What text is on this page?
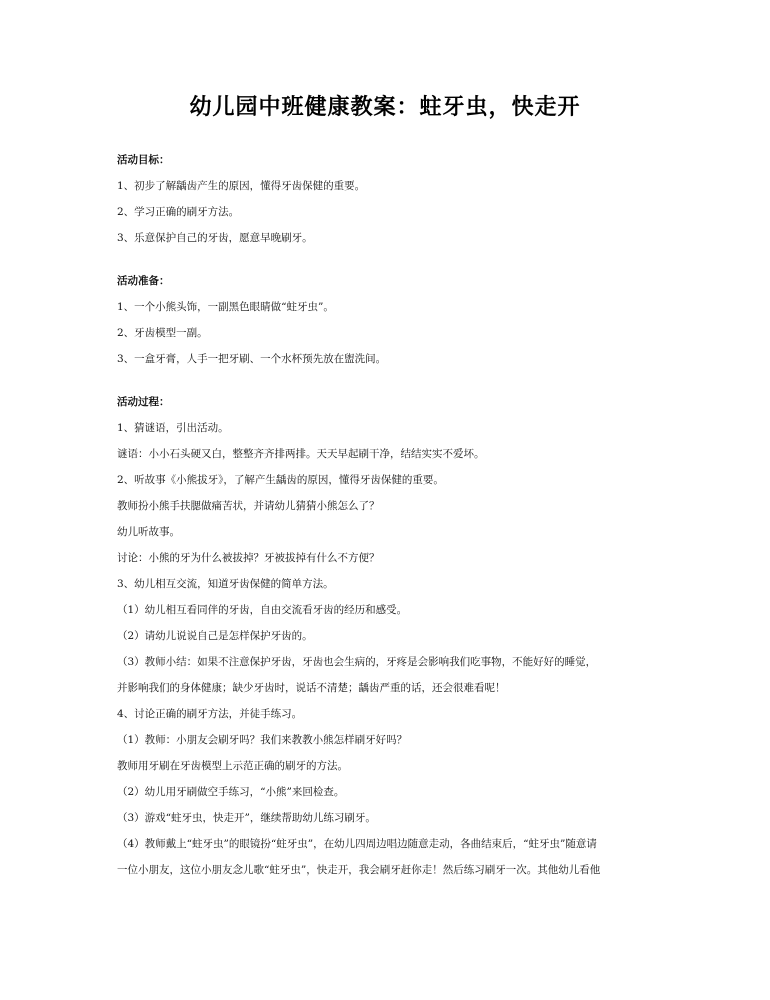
幼儿园中班健康教案：蛀牙虫，快走开

活动目标：

1、初步了解龋齿产生的原因，懂得牙齿保健的重要。

2、学习正确的刷牙方法。

3、乐意保护自己的牙齿，愿意早晚刷牙。

活动准备：

1、一个小熊头饰，一副黑色眼睛做“蛀牙虫”。

2、牙齿模型一副。

3、一盒牙膏，人手一把牙刷、一个水杯预先放在盥洗间。

活动过程：

1、猜谜语，引出活动。

谜语：小小石头硬又白，整整齐齐排两排。天天早起刷干净，结结实实不爱坏。

2、听故事《小熊拔牙》，了解产生龋齿的原因，懂得牙齿保健的重要。

教师扮小熊手扶腮做痛苦状，并请幼儿猜猜小熊怎么了？

幼儿听故事。

讨论：小熊的牙为什么被拔掉？牙被拔掉有什么不方便？

3、幼儿相互交流，知道牙齿保健的简单方法。

（1）幼儿相互看同伴的牙齿，自由交流看牙齿的经历和感受。

（2）请幼儿说说自己是怎样保护牙齿的。

（3）教师小结：如果不注意保护牙齿，牙齿也会生病的，牙疼是会影响我们吃事物，不能好好的睡觉，

并影响我们的身体健康；缺少牙齿时，说话不清楚；龋齿严重的话，还会很难看呢！

4、讨论正确的刷牙方法，并徒手练习。

（1）教师：小朋友会刷牙吗？我们来教教小熊怎样刷牙好吗？

教师用牙刷在牙齿模型上示范正确的刷牙的方法。

（2）幼儿用牙刷做空手练习，“小熊”来回检查。

（3）游戏“蛀牙虫，快走开”，继续帮助幼儿练习刷牙。

（4）教师戴上“蛀牙虫”的眼镜扮“蛀牙虫”，在幼儿四周边唱边随意走动，各曲结束后，“蛀牙虫”随意请

一位小朋友，这位小朋友念儿歌“蛀牙虫”，快走开，我会刷牙赶你走！然后练习刷牙一次。其他幼儿看他
